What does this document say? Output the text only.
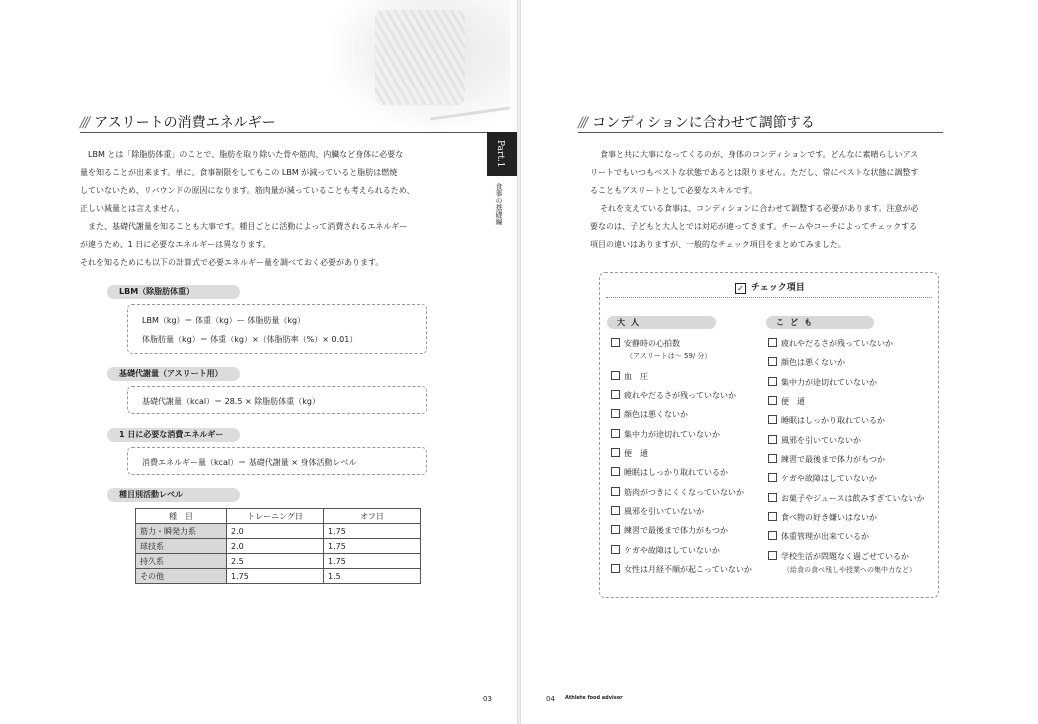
/// アスリートの消費エネルギー

LBM とは「除脂肪体重」のことで、脂肪を取り除いた骨や筋肉、内臓など身体に必要な

量を知ることが出来ます。単に、食事制限をしてもこの LBM が減っていると脂肪は燃焼

していないため、リバウンドの原因になります。筋肉量が減っていることも考えられるため、

正しい減量とは言えません。

また、基礎代謝量を知ることも大事です。種目ごとに活動によって消費されるエネルギー

が違うため、1 日に必要なエネルギーは異なります。

それを知るためにも以下の計算式で必要エネルギー量を調べておく必要があります。

Part.1
食事の基礎編
LBM（除脂肪体重）
LBM（kg）＝ 体重（kg）ー 体脂肪量（kg）
体脂肪量（kg）＝ 体重（kg）×（体脂肪率（%）× 0.01）
基礎代謝量（アスリート用）
基礎代謝量（kcal）＝ 28.5 × 除脂肪体重（kg）
1 日に必要な消費エネルギー
消費エネルギー量（kcal）＝ 基礎代謝量 × 身体活動レベル
種目別活動レベル
種　目	トレーニング日	オフ日
筋力・瞬発力系	2.0	1.75
球技系	2.0	1.75
持久系	2.5	1.75
その他	1.75	1.5
03
/// コンディションに合わせて調節する

食事と共に大事になってくるのが、身体のコンディションです。どんなに素晴らしいアス

リートでもいつもベストな状態であるとは限りません。ただし、常にベストな状態に調整す

ることもアスリートとして必要なスキルです。

それを支えている食事は、コンディションに合わせて調整する必要があります。注意が必

要なのは、子どもと大人とでは対応が違ってきます。チームやコーチによってチェックする

項目の違いはありますが、一般的なチェック項目をまとめてみました。

✓ チェック項目
大人	こども
安静時の心拍数
血　圧
疲れやだるさが残っていないか
顔色は悪くないか
集中力が途切れていないか
便　通
睡眠はしっかり取れているか
筋肉がつきにくくなっていないか
風邪を引いていないか
練習で最後まで体力がもつか
ケガや故障はしていないか
女性は月経不順が起こっていないか
（アスリートは〜 59/ 分）
疲れやだるさが残っていないか
顔色は悪くないか
集中力が途切れていないか
便　通
睡眠はしっかり取れているか
風邪を引いていないか
練習で最後まで体力がもつか
ケガや故障はしていないか
お菓子やジュースは飲みすぎていないか
食べ物の好き嫌いはないか
体重管理が出来ているか
学校生活が問題なく過ごせているか
（給食の食べ残しや授業への集中力など）
04 Athlete food advisor
